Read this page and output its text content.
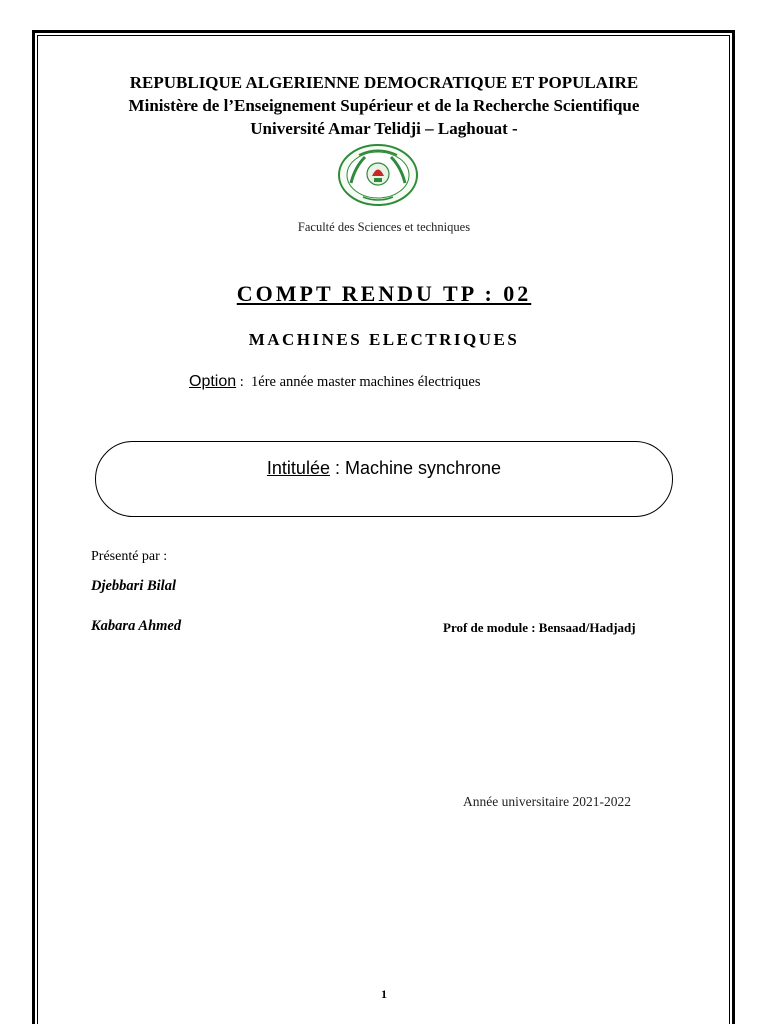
REPUBLIQUE ALGERIENNE DEMOCRATIQUE ET POPULAIRE
Ministère de l’Enseignement Supérieur et de la Recherche Scientifique
Université Amar Telidji – Laghouat -
Faculté des Sciences et techniques
COMPT RENDU TP : 02
MACHINES ELECTRIQUES
Option :  1ére année master machines électriques
Intitulée : Machine synchrone
Présenté par :
Djebbari Bilal
Kabara Ahmed	Prof de module : Bensaad/Hadjadj
Année universitaire 2021-2022
1
